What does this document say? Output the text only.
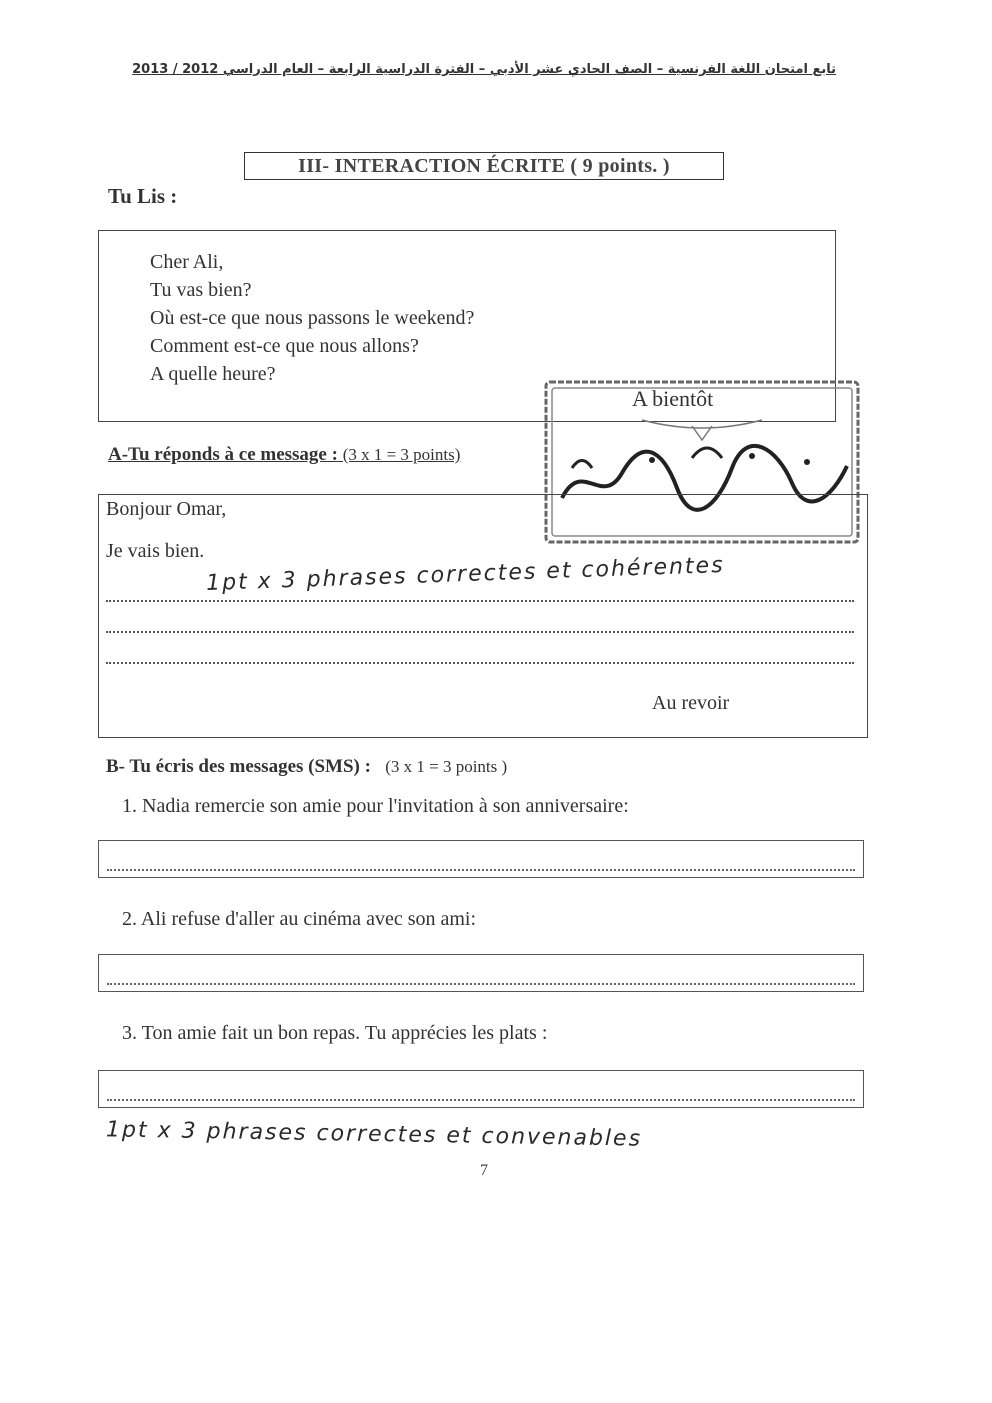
تابع امتحان اللغة الفرنسية – الصف الحادي عشر الأدبي – الفترة الدراسية الرابعة – العام الدراسي 2012 / 2013
III- INTERACTION ÉCRITE ( 9 points. )
Tu Lis :
Cher Ali,
Tu vas bien?
Où est-ce que nous passons le weekend?
Comment est-ce que nous allons?
A quelle heure?
A bientôt
A-Tu réponds à ce message : (3 x 1 = 3 points)
Bonjour Omar,
Je vais bien.
1pt x 3 phrases correctes et cohérentes
Au revoir
B- Tu écris des messages (SMS) : (3 x 1 = 3 points )
1. Nadia remercie son amie pour l'invitation à son anniversaire:
2. Ali refuse d'aller au cinéma avec son ami:
3. Ton amie fait un bon repas. Tu apprécies les plats :
1pt x 3 phrases correctes et convenables
7
